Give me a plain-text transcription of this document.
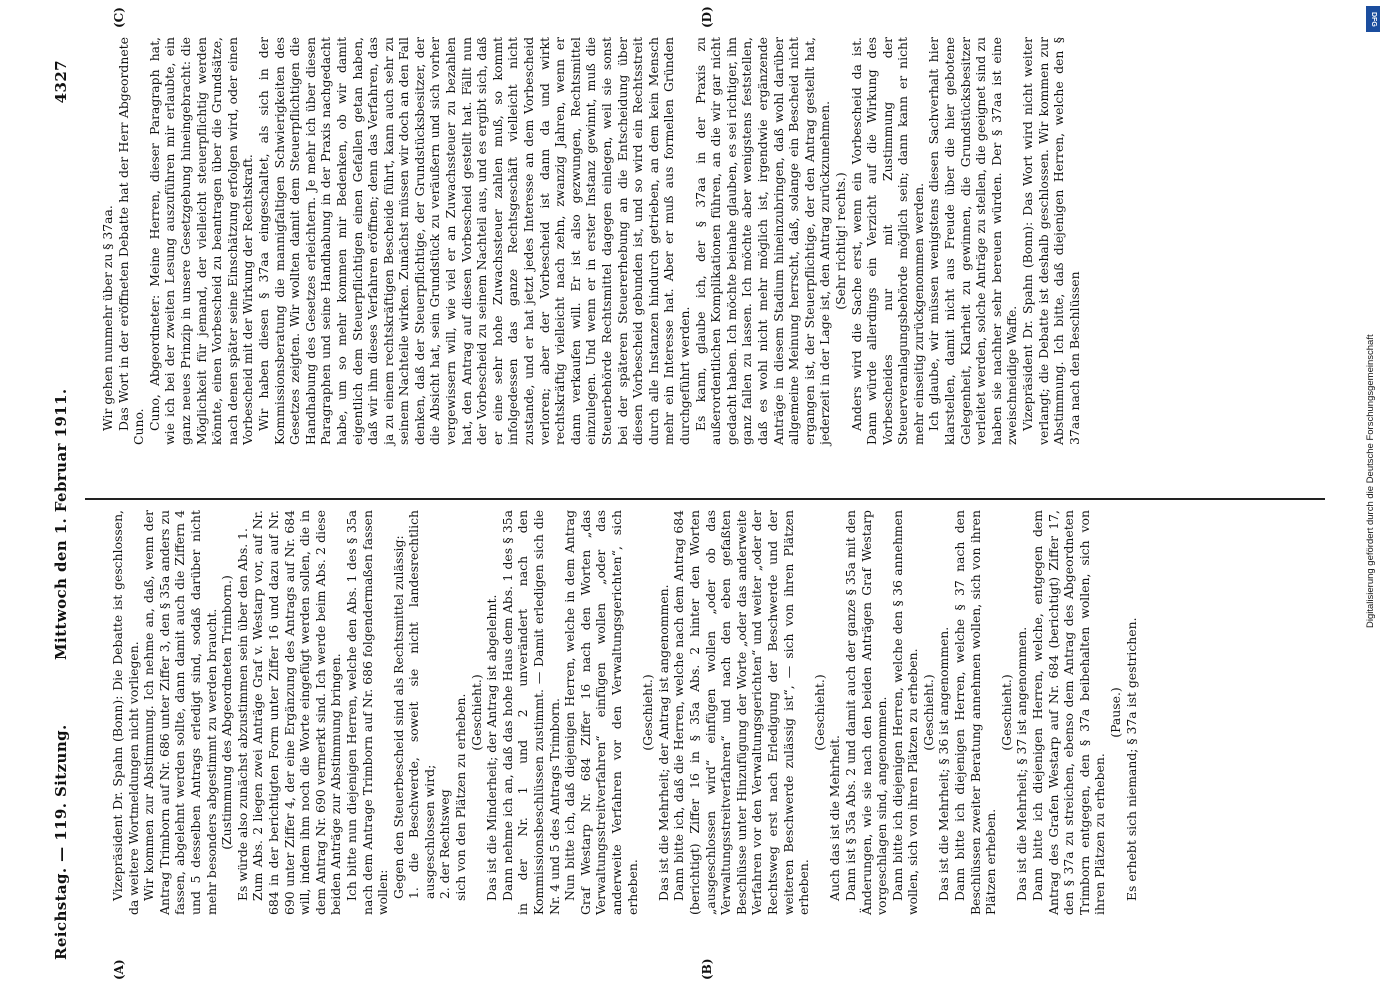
Reichstag. — 119. Sitzung.
Mittwoch den 1. Februar 1911.
4327
(A)	(B)
(C)	(D)

Vizepräsident Dr. Spahn (Bonn): Die Debatte ist geschlossen, da weitere Wortmeldungen nicht vorliegen. Wir kommen zur Abstimmung. Ich nehme an, daß, wenn der Antrag Trimborn auf Nr. 686 unter Ziffer 3, den § 35a anders zu fassen, abgelehnt werden sollte, dann damit auch die Ziffern 4 und 5 desselben Antrags erledigt sind, sodaß darüber nicht mehr besonders abgestimmt zu werden braucht. (Zustimmung des Abgeordneten Trimborn.) Es würde also zunächst abzustimmen sein über den Abs. 1. Zum Abs. 2 liegen zwei Anträge Graf v. Westarp vor, auf Nr. 684 in der berichtigten Form unter Ziffer 16 und dazu auf Nr. 690 unter Ziffer 4, der eine Ergänzung des Antrags auf Nr. 684 will, indem ihm noch die Worte eingefügt werden sollen, die in dem Antrag Nr. 690 vermerkt sind. Ich werde beim Abs. 2 diese beiden Anträge zur Abstimmung bringen. Ich bitte nun diejenigen Herren, welche den Abs. 1 des § 35a nach dem Antrage Trimborn auf Nr. 686 folgendermaßen fassen wollen: Gegen den Steuerbescheid sind als Rechtsmittel zulässig: 1. die Beschwerde, soweit sie nicht landesrechtlich ausgeschlossen wird; 2. der Rechtsweg sich von den Plätzen zu erheben. (Geschieht.) Das ist die Minderheit; der Antrag ist abgelehnt. Dann nehme ich an, daß das hohe Haus dem Abs. 1 des § 35a in der Nr. 1 und 2 unverändert nach den Kommissionsbeschlüssen zustimmt. — Damit erledigen sich die Nr. 4 und 5 des Antrags Trimborn. Nun bitte ich, daß diejenigen Herren, welche in dem Antrag Graf Westarp Nr. 684 Ziffer 16 nach den Worten „das Verwaltungsstreitverfahren“ einfügen wollen „oder das anderweite Verfahren vor den Verwaltungsgerichten“, sich erheben.

(Geschieht.) Das ist die Mehrheit; der Antrag ist angenommen. Dann bitte ich, daß die Herren, welche nach dem Antrag 684 (berichtigt) Ziffer 16 in § 35a Abs. 2 hinter den Worten „ausgeschlossen wird“ einfügen wollen „oder ob das Verwaltungsstreitverfahren“ und nach den eben gefaßten Beschlüsse unter Hinzufügung der Worte „oder das anderweite Verfahren vor den Verwaltungsgerichten“ und weiter „oder der Rechtsweg erst nach Erledigung der Beschwerde und der weiteren Beschwerde zulässig ist“, — sich von ihren Plätzen erheben.

(Geschieht.)

Auch das ist die Mehrheit. Dann ist § 35a Abs. 2 und damit auch der ganze § 35a mit den Änderungen, wie sie nach den beiden Anträgen Graf Westarp vorgeschlagen sind, angenommen. Dann bitte ich diejenigen Herren, welche den § 36 annehmen wollen, sich von ihren Plätzen zu erheben. (Geschieht.) Das ist die Mehrheit; § 36 ist angenommen. Dann bitte ich diejenigen Herren, welche § 37 nach den Beschlüssen zweiter Beratung annehmen wollen, sich von ihren Plätzen erheben.

(Geschieht.) Das ist die Mehrheit; § 37 ist angenommen. Dann bitte ich diejenigen Herren, welche, entgegen dem Antrag des Grafen Westarp auf Nr. 684 (berichtigt) Ziffer 17, den § 37a zu streichen, ebenso dem Antrag des Abgeordneten Trimborn entgegen, den § 37a beibehalten wollen, sich von ihren Plätzen zu erheben.

(Pause.) Es erhebt sich niemand; § 37a ist gestrichen.

Wir gehen nunmehr über zu § 37aa. Das Wort in der eröffneten Debatte hat der Herr Abgeordnete Cuno. Cuno, Abgeordneter: Meine Herren, dieser Paragraph hat, wie ich bei der zweiten Lesung auszuführen mir erlaubte, ein ganz neues Prinzip in unsere Gesetzgebung hineingebracht: die Möglichkeit für jemand, der vielleicht steuerpflichtig werden könnte, einen Vorbescheid zu beantragen über die Grundsätze, nach denen später seine Einschätzung erfolgen wird, oder einen Vorbescheid mit der Wirkung der Rechtskraft. Wir haben diesen § 37aa eingeschaltet, als sich in der Kommissionsberatung die mannigfaltigen Schwierigkeiten des Gesetzes zeigten. Wir wollten damit dem Steuerpflichtigen die Handhabung des Gesetzes erleichtern. Je mehr ich über diesen Paragraphen und seine Handhabung in der Praxis nachgedacht habe, um so mehr kommen mir Bedenken, ob wir damit eigentlich dem Steuerpflichtigen einen Gefallen getan haben, daß wir ihm dieses Verfahren eröffnen; denn das Verfahren, das ja zu einem rechtskräftigen Bescheide führt, kann auch sehr zu seinem Nachteile wirken. Zunächst müssen wir doch an den Fall denken, daß der Steuerpflichtige, der Grundstücksbesitzer, der die Absicht hat, sein Grundstück zu veräußern und sich vorher vergewissern will, wie viel er an Zuwachssteuer zu bezahlen hat, den Antrag auf diesen Vorbescheid gestellt hat. Fällt nun der Vorbescheid zu seinem Nachteil aus, und es ergibt sich, daß er eine sehr hohe Zuwachssteuer zahlen muß, so kommt infolgedessen das ganze Rechtsgeschäft vielleicht nicht zustande, und er hat jetzt jedes Interesse an dem Vorbescheid verloren; aber der Vorbescheid ist dann da und wirkt rechtskräftig vielleicht nach zehn, zwanzig Jahren, wenn er dann verkaufen will. Er ist also gezwungen, Rechtsmittel einzulegen. Und wenn er in erster Instanz gewinnt, muß die Steuerbehörde Rechtsmittel dagegen einlegen, weil sie sonst bei der späteren Steuererhebung an die Entscheidung über diesen Vorbescheid gebunden ist, und so wird ein Rechtsstreit durch alle Instanzen hindurch getrieben, an dem kein Mensch mehr ein Interesse hat. Aber er muß aus formellen Gründen durchgeführt werden. Es kann, glaube ich, der § 37aa in der Praxis zu außerordentlichen Komplikationen führen, an die wir gar nicht gedacht haben. Ich möchte beinahe glauben, es sei richtiger, ihn ganz fallen zu lassen. Ich möchte aber wenigstens feststellen, daß es wohl nicht mehr möglich ist, irgendwie ergänzende Anträge in diesem Stadium hineinzubringen, daß wohl darüber allgemeine Meinung herrscht, daß, solange ein Bescheid nicht ergangen ist, der Steuerpflichtige, der den Antrag gestellt hat, jederzeit in der Lage ist, den Antrag zurückzunehmen. (Sehr richtig! rechts.) Anders wird die Sache erst, wenn ein Vorbescheid da ist. Dann würde allerdings ein Verzicht auf die Wirkung des Vorbescheides nur mit Zustimmung der Steuerveranlagungsbehörde möglich sein; dann kann er nicht mehr einseitig zurückgenommen werden. Ich glaube, wir müssen wenigstens diesen Sachverhalt hier klarstellen, damit nicht aus Freude über die hier gebotene Gelegenheit, Klarheit zu gewinnen, die Grundstücksbesitzer verleitet werden, solche Anträge zu stellen, die geeignet sind zu haben sie nachher sehr bereuen würden. Der § 37aa ist eine zweischneidige Waffe. Vizepräsident Dr. Spahn (Bonn): Das Wort wird nicht weiter verlangt; die Debatte ist deshalb geschlossen. Wir kommen zur Abstimmung. Ich bitte, daß diejenigen Herren, welche den § 37aa nach den Beschlüssen

DFG
Digitalisierung gefördert durch die Deutsche Forschungsgemeinschaft
